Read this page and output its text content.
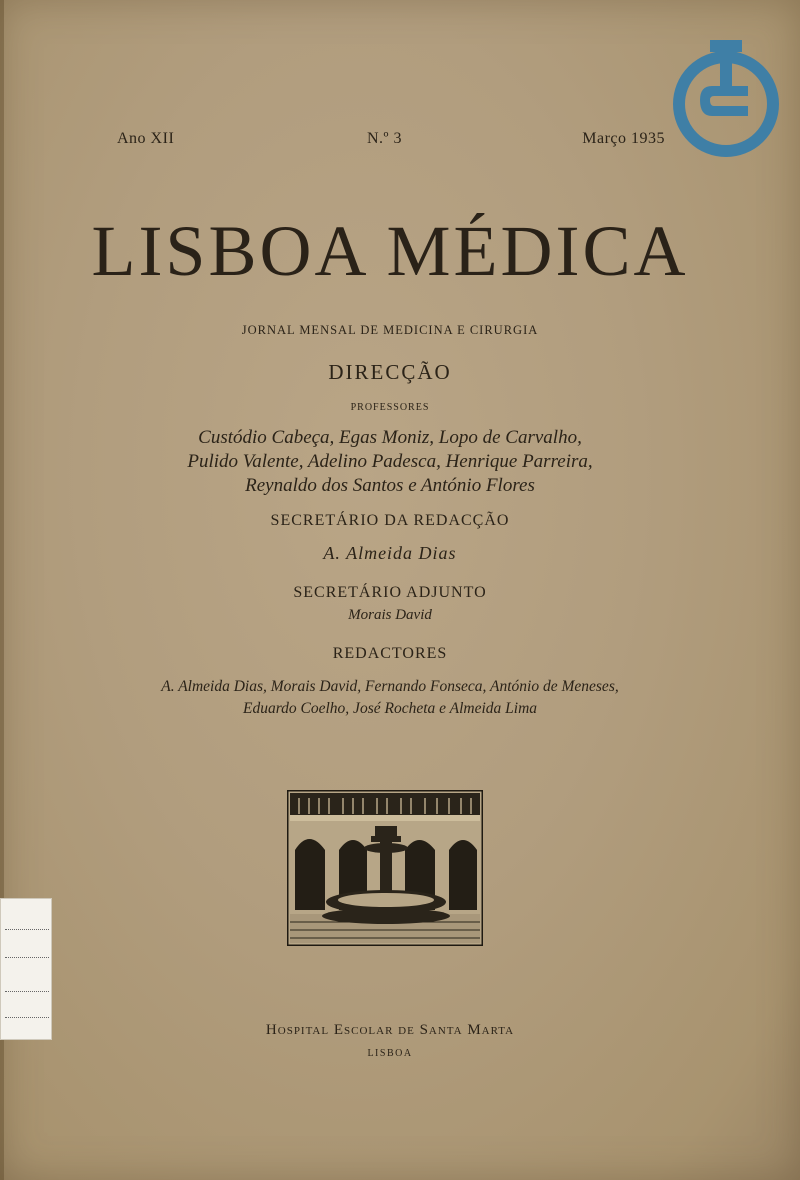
Ano XII	N.º 3	Março 1935
LISBOA MÉDICA
JORNAL MENSAL DE MEDICINA E CIRURGIA
DIRECÇÃO
PROFESSORES
Custódio Cabeça, Egas Moniz, Lopo de Carvalho,
Pulido Valente, Adelino Padesca, Henrique Parreira,
Reynaldo dos Santos e António Flores
SECRETÁRIO DA REDACÇÃO
A. Almeida Dias
SECRETÁRIO ADJUNTO
Morais David
REDACTORES
A. Almeida Dias, Morais David, Fernando Fonseca, António de Meneses,
Eduardo Coelho, José Rocheta e Almeida Lima
Hospital Escolar de Santa Marta
LISBOA
